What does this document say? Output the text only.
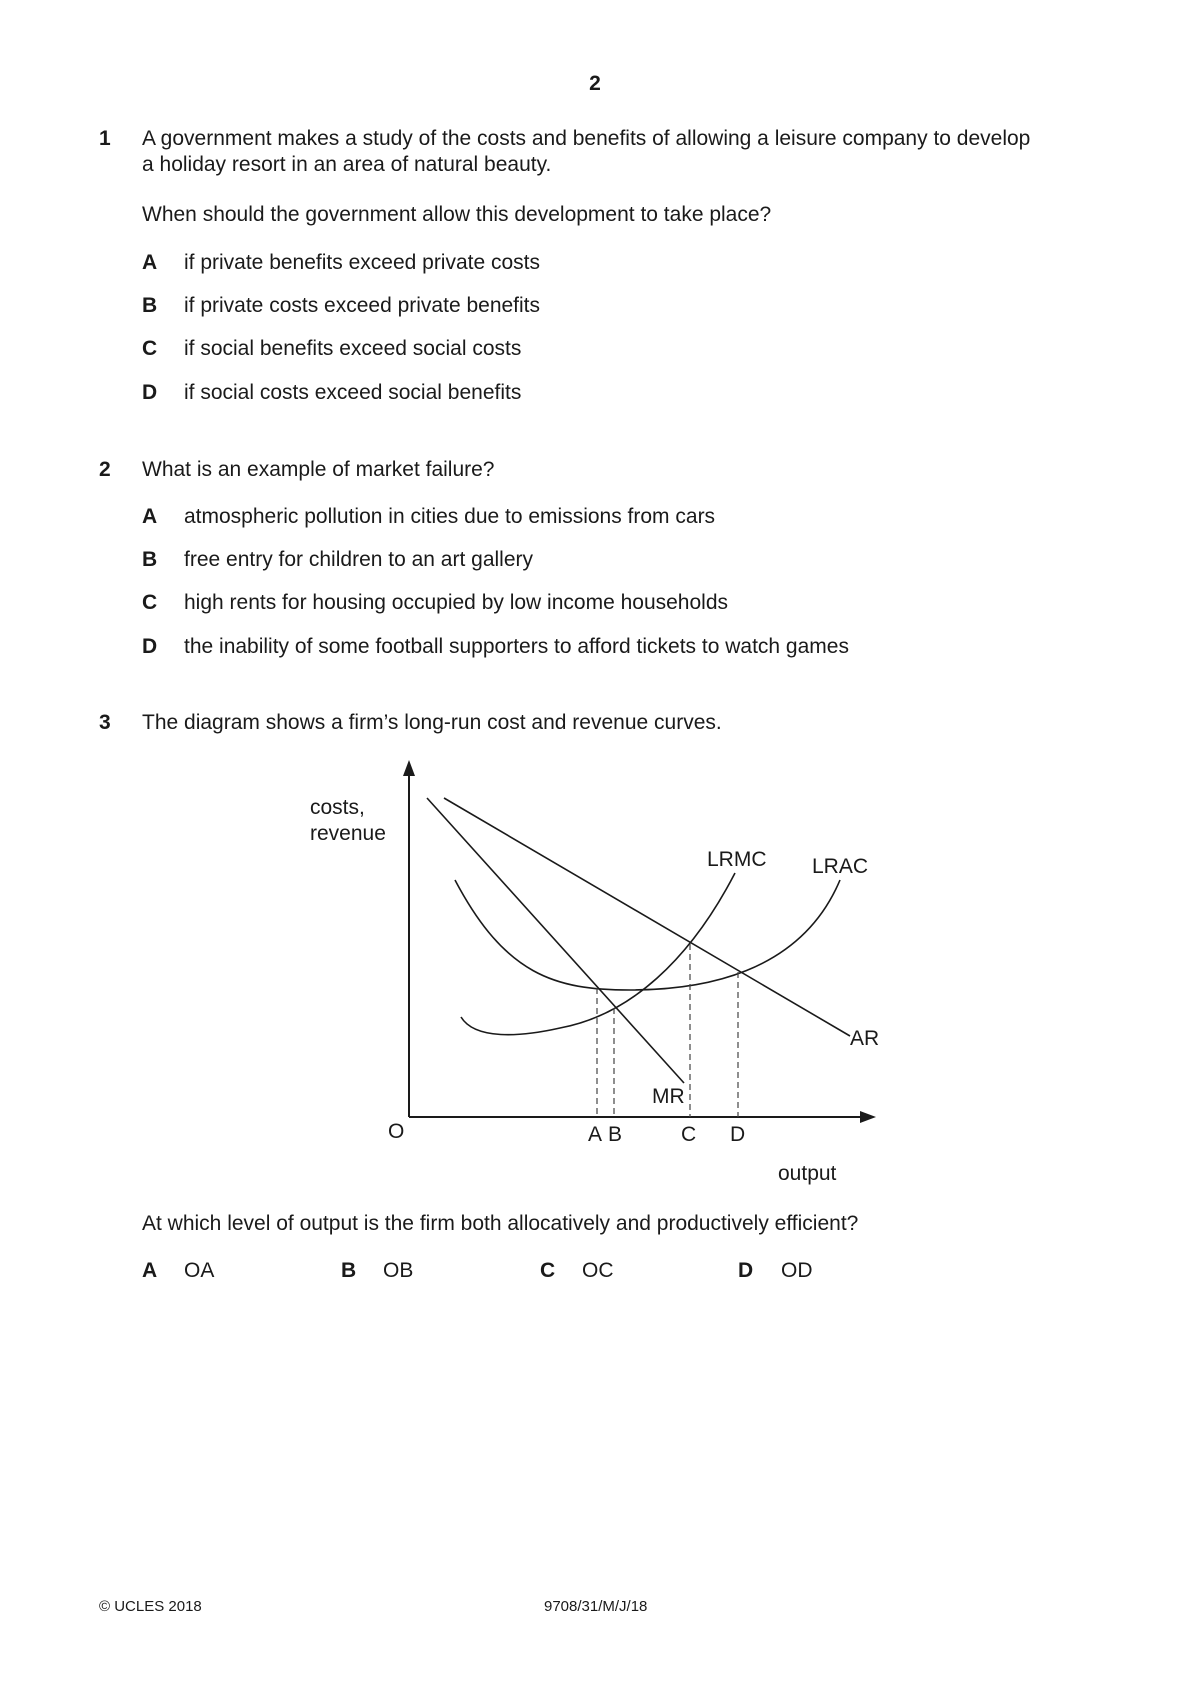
2
1 A government makes a study of the costs and benefits of allowing a leisure company to develop
a holiday resort in an area of natural beauty.
When should the government allow this development to take place?
A if private benefits exceed private costs
B if private costs exceed private benefits
C if social benefits exceed social costs
D if social costs exceed social benefits
2 What is an example of market failure?
A atmospheric pollution in cities due to emissions from cars
B free entry for children to an art gallery
C high rents for housing occupied by low income households
D the inability of some football supporters to afford tickets to watch games
3 The diagram shows a firm’s long-run cost and revenue curves.
costs,
revenue
LRMC LRAC
AR
MR
O	A B	C D
output
At which level of output is the firm both allocatively and productively efficient?
A OA	B OB	C OC	D OD
© UCLES 2018	9708/31/M/J/18
